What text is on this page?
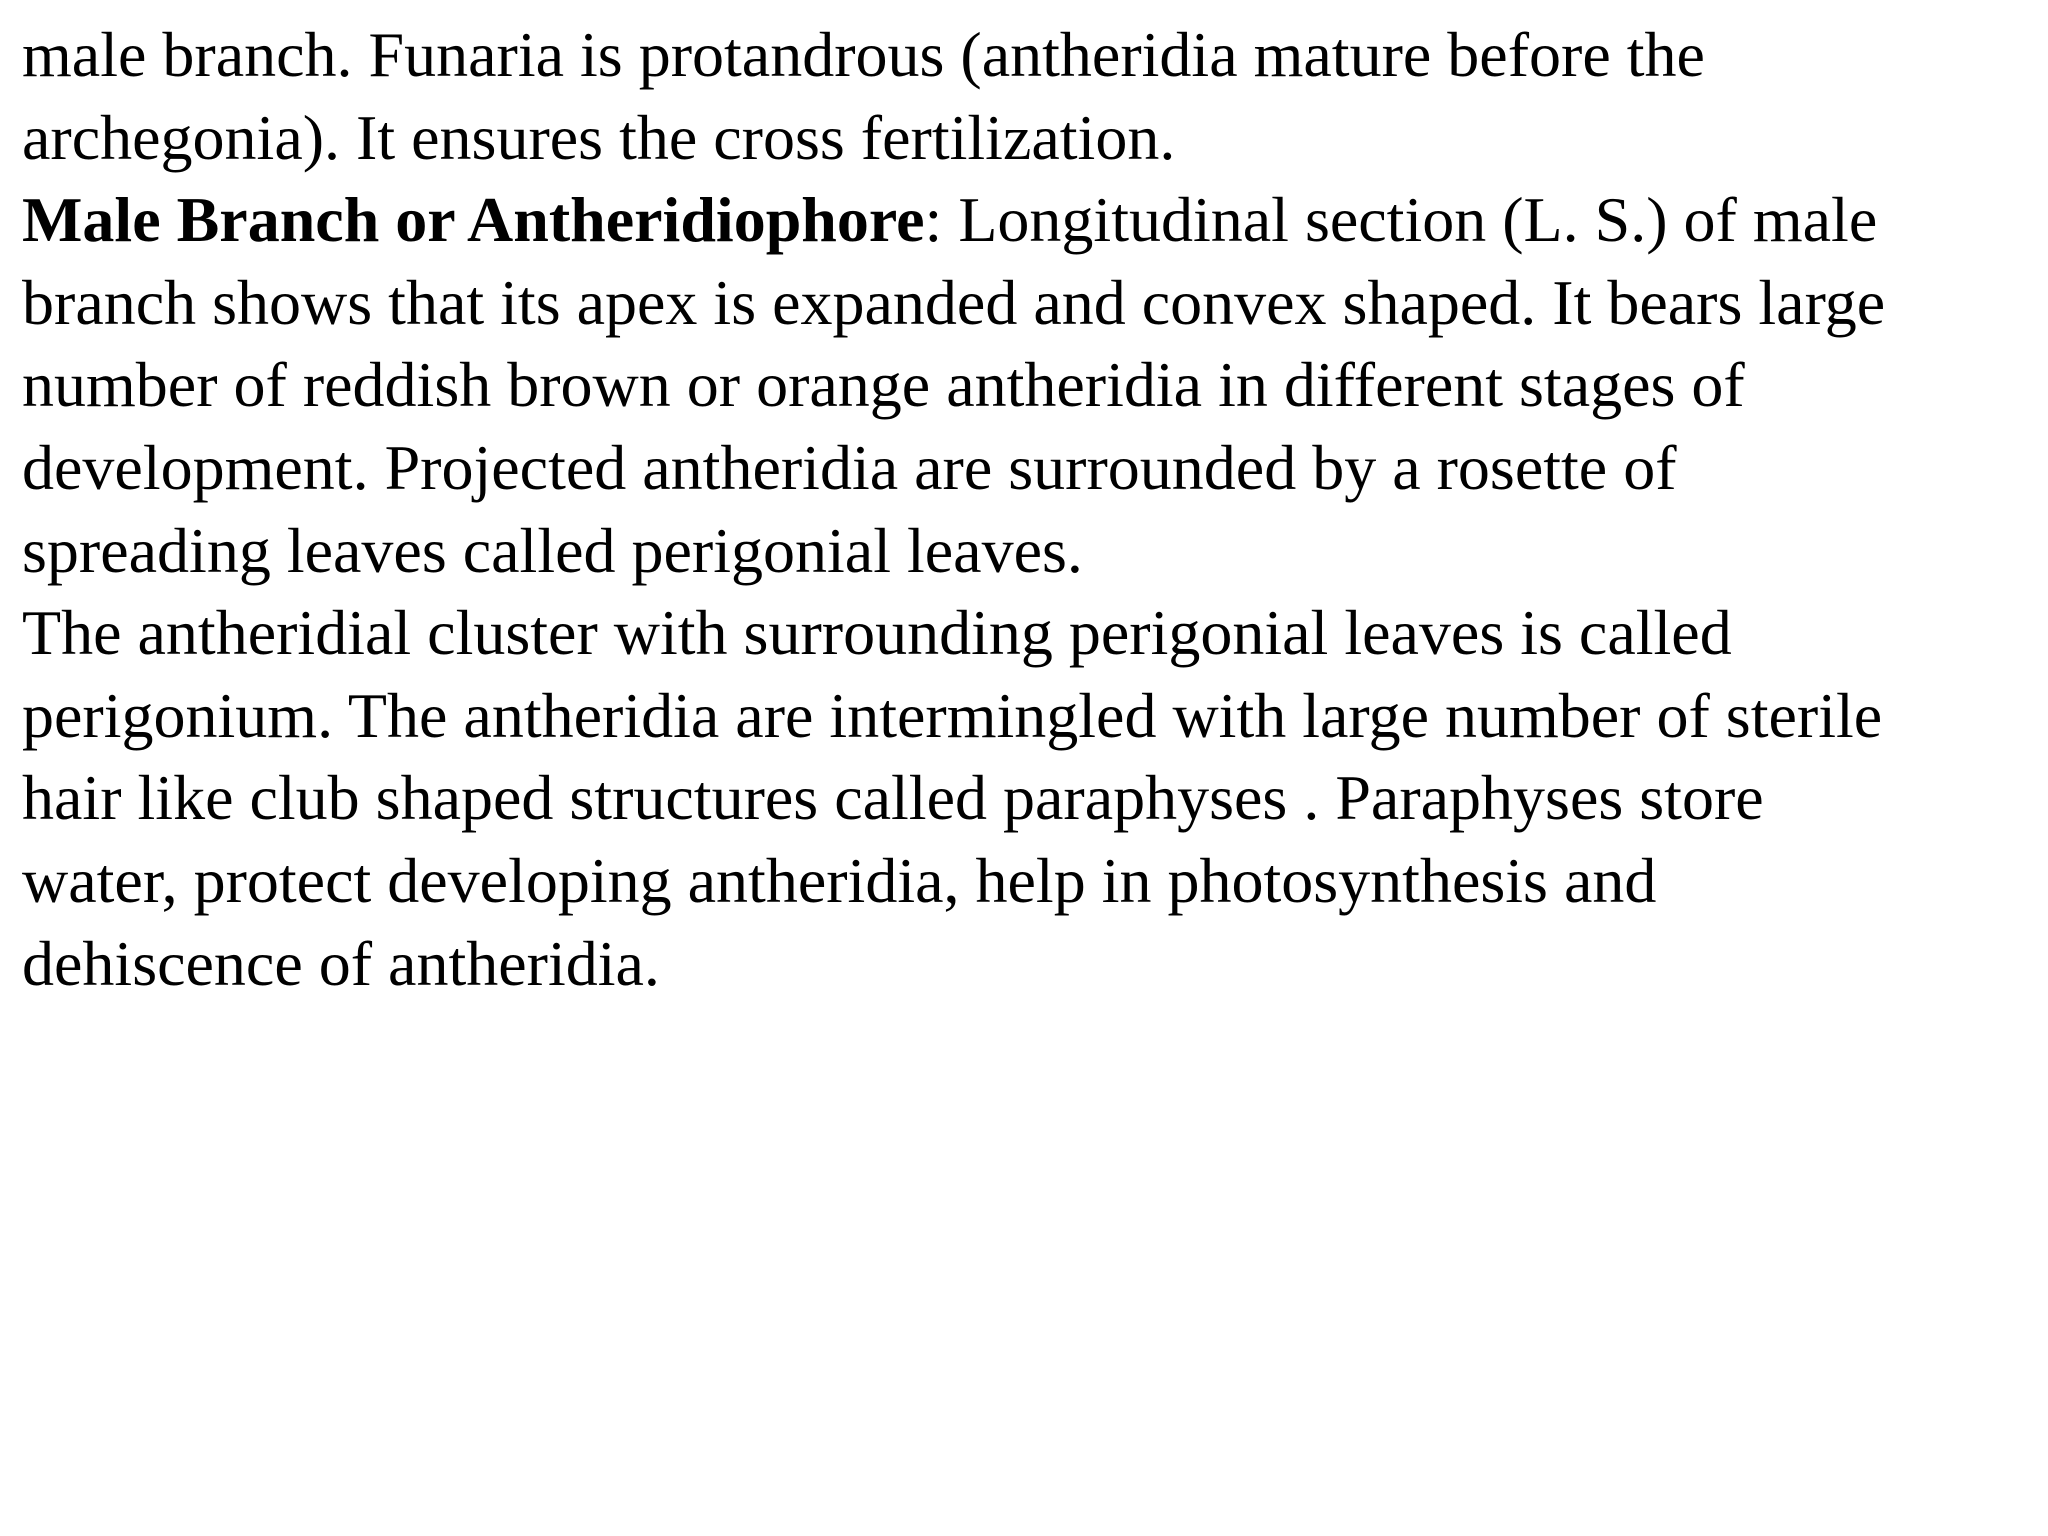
male branch. Funaria is protandrous (antheridia mature before the
archegonia). It ensures the cross fertilization.
Male Branch or Antheridiophore: Longitudinal section (L. S.) of male
branch shows that its apex is expanded and convex shaped. It bears large
number of reddish brown or orange antheridia in different stages of
development. Projected antheridia are surrounded by a rosette of
spreading leaves called perigonial leaves.
The antheridial cluster with surrounding perigonial leaves is called
perigonium. The antheridia are intermingled with large number of sterile
hair like club shaped structures called paraphyses . Paraphyses store
water, protect developing antheridia, help in photosynthesis and
dehiscence of antheridia.
